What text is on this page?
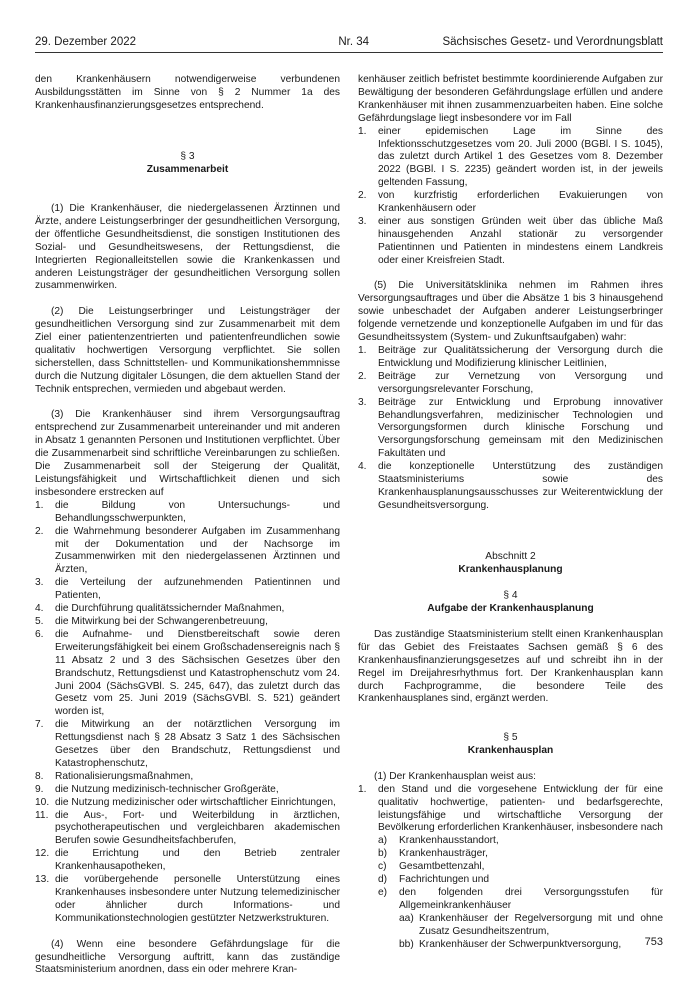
29. Dezember 2022	Nr. 34	Sächsisches Gesetz- und Verordnungsblatt

den Krankenhäusern notwendigerweise verbundenen Ausbildungsstätten im Sinne von § 2 Nummer 1a des Krankenhausfinanzierungsgesetzes entsprechend.

§ 3

Zusammenarbeit

(1) Die Krankenhäuser, die niedergelassenen Ärztinnen und Ärzte, andere Leistungserbringer der gesundheitlichen Versorgung, der öffentliche Gesundheitsdienst, die sonstigen Institutionen des Sozial- und Gesundheitswesens, der Rettungsdienst, die Integrierten Regionalleitstellen sowie die Krankenkassen und anderen Leistungsträger der gesundheitlichen Versorgung sollen zusammenwirken.

(2) Die Leistungserbringer und Leistungsträger der gesundheitlichen Versorgung sind zur Zusammenarbeit mit dem Ziel einer patientenzentrierten und patientenfreundlichen sowie qualitativ hochwertigen Versorgung verpflichtet. Sie sollen sicherstellen, dass Schnittstellen- und Kommunikationshemmnisse durch die Nutzung digitaler Lösungen, die dem aktuellen Stand der Technik entsprechen, vermieden und abgebaut werden.

(3) Die Krankenhäuser sind ihrem Versorgungsauftrag entsprechend zur Zusammenarbeit untereinander und mit anderen in Absatz 1 genannten Personen und Institutionen verpflichtet. Über die Zusammenarbeit sind schriftliche Vereinbarungen zu schließen. Die Zusammenarbeit soll der Steigerung der Qualität, Leistungsfähigkeit und Wirtschaftlichkeit dienen und sich insbesondere erstrecken auf

1.	die Bildung von Untersuchungs- und Behandlungsschwerpunkten,
2.	die Wahrnehmung besonderer Aufgaben im Zusammenhang mit der Dokumentation und der Nachsorge im Zusammenwirken mit den niedergelassenen Ärztinnen und Ärzten,
3.	die Verteilung der aufzunehmenden Patientinnen und Patienten,
4.	die Durchführung qualitätssichernder Maßnahmen,
5.	die Mitwirkung bei der Schwangerenbetreuung,
6.	die Aufnahme- und Dienstbereitschaft sowie deren Erweiterungsfähigkeit bei einem Großschadensereignis nach § 11 Absatz 2 und 3 des Sächsischen Gesetzes über den Brandschutz, Rettungsdienst und Katastrophenschutz vom 24. Juni 2004 (SächsGVBl. S. 245, 647), das zuletzt durch das Gesetz vom 25. Juni 2019 (SächsGVBl. S. 521) geändert worden ist,
7.	die Mitwirkung an der notärztlichen Versorgung im Rettungsdienst nach § 28 Absatz 3 Satz 1 des Sächsischen Gesetzes über den Brandschutz, Rettungsdienst und Katastrophenschutz,
8.	Rationalisierungsmaßnahmen,
9.	die Nutzung medizinisch-technischer Großgeräte,
10. die Nutzung medizinischer oder wirtschaftlicher Einrichtungen,
11. die Aus-, Fort- und Weiterbildung in ärztlichen, psychotherapeutischen und vergleichbaren akademischen Berufen sowie Gesundheitsfachberufen,
12. die Errichtung und den Betrieb zentraler Krankenhausapotheken,
13. die vorübergehende personelle Unterstützung eines Krankenhauses insbesondere unter Nutzung telemedizinischer oder ähnlicher durch Informations- und Kommunikationstechnologien gestützter Netzwerkstrukturen.

(4) Wenn eine besondere Gefährdungslage für die gesundheitliche Versorgung auftritt, kann das zuständige Staatsministerium anordnen, dass ein oder mehrere Kran-

kenhäuser zeitlich befristet bestimmte koordinierende Aufgaben zur Bewältigung der besonderen Gefährdungslage erfüllen und andere Krankenhäuser mit ihnen zusammenzuarbeiten haben. Eine solche Gefährdungslage liegt insbesondere vor im Fall

1.	einer epidemischen Lage im Sinne des Infektionsschutzgesetzes vom 20. Juli 2000 (BGBl. I S. 1045), das zuletzt durch Artikel 1 des Gesetzes vom 8. Dezember 2022 (BGBl. I S. 2235) geändert worden ist, in der jeweils geltenden Fassung,
2.	von kurzfristig erforderlichen Evakuierungen von Krankenhäusern oder
3.	einer aus sonstigen Gründen weit über das übliche Maß hinausgehenden Anzahl stationär zu versorgender Patientinnen und Patienten in mindestens einem Landkreis oder einer Kreisfreien Stadt.

(5) Die Universitätsklinika nehmen im Rahmen ihres Versorgungsauftrages und über die Absätze 1 bis 3 hinausgehend sowie unbeschadet der Aufgaben anderer Leistungserbringer folgende vernetzende und konzeptionelle Aufgaben im und für das Gesundheitssystem (System- und Zukunftsaufgaben) wahr:

1.	Beiträge zur Qualitätssicherung der Versorgung durch die Entwicklung und Modifizierung klinischer Leitlinien,
2.	Beiträge zur Vernetzung von Versorgung und versorgungsrelevanter Forschung,
3.	Beiträge zur Entwicklung und Erprobung innovativer Behandlungsverfahren, medizinischer Technologien und Versorgungsformen durch klinische Forschung und Versorgungsforschung gemeinsam mit den Medizinischen Fakultäten und
4.	die konzeptionelle Unterstützung des zuständigen Staatsministeriums sowie des Krankenhausplanungsausschusses zur Weiterentwicklung der Gesundheitsversorgung.

Abschnitt 2

Krankenhausplanung

§ 4

Aufgabe der Krankenhausplanung

Das zuständige Staatsministerium stellt einen Krankenhausplan für das Gebiet des Freistaates Sachsen gemäß § 6 des Krankenhausfinanzierungsgesetzes auf und schreibt ihn in der Regel im Dreijahresrhythmus fort. Der Krankenhausplan kann durch Fachprogramme, die besondere Teile des Krankenhausplanes sind, ergänzt werden.

§ 5

Krankenhausplan

(1) Der Krankenhausplan weist aus:

1.	den Stand und die vorgesehene Entwicklung der für eine qualitativ hochwertige, patienten- und bedarfsgerechte, leistungsfähige und wirtschaftliche Versorgung der Bevölkerung erforderlichen Krankenhäuser, insbesondere nach
a)	Krankenhausstandort,
b)	Krankenhausträger,
c)	Gesamtbettenzahl,
d)	Fachrichtungen und
e)	den folgenden drei Versorgungsstufen für Allgemeinkrankenhäuser
aa) Krankenhäuser der Regelversorgung mit und ohne Zusatz Gesundheitszentrum,
bb) Krankenhäuser der Schwerpunktversorgung,	753
